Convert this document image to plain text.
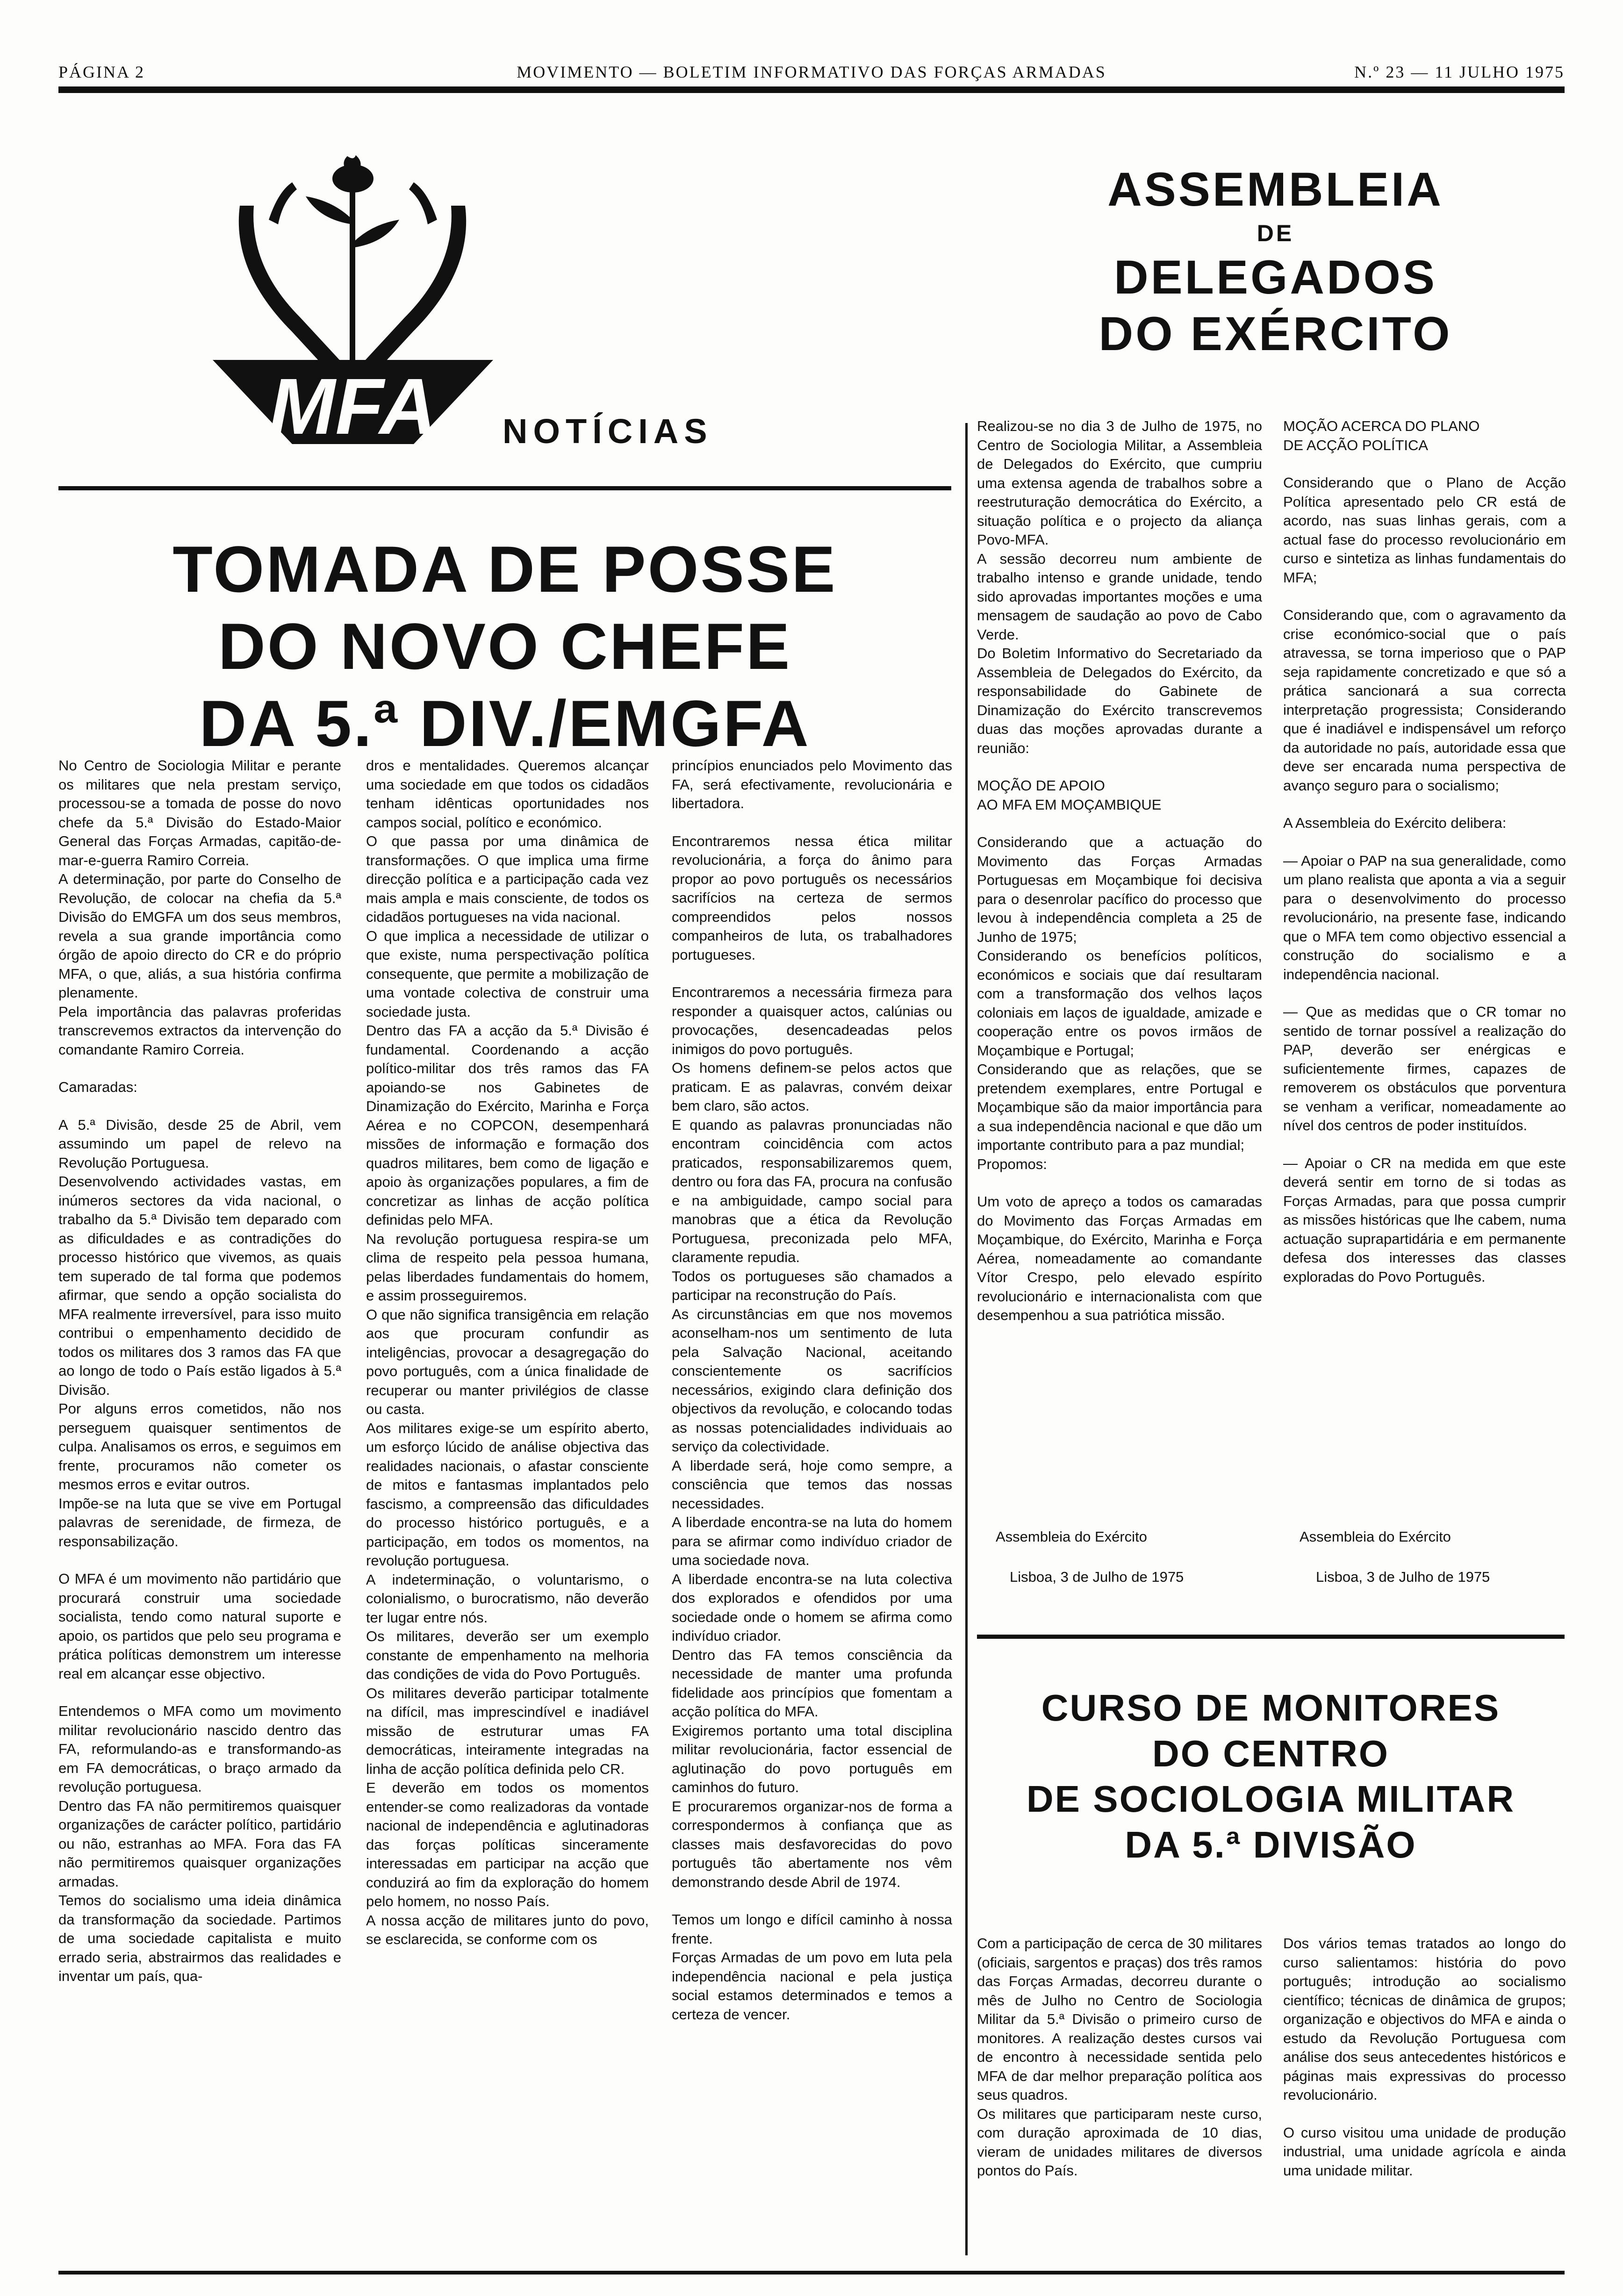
PÁGINA 2	MOVIMENTO — BOLETIM INFORMATIVO DAS FORÇAS ARMADAS	N.º 23 — 11 JULHO 1975
MFA NOTÍCIAS
TOMADA DE POSSE
DO NOVO CHEFE
DA 5.ª DIV./EMGFA

No Centro de Sociologia Militar e perante os militares que nela prestam serviço, processou-se a tomada de posse do novo chefe da 5.ª Divisão do Estado-Maior General das Forças Armadas, capitão-de-mar-e-guerra Ramiro Correia.

A determinação, por parte do Conselho de Revolução, de colocar na chefia da 5.ª Divisão do EMGFA um dos seus membros, revela a sua grande importância como órgão de apoio directo do CR e do próprio MFA, o que, aliás, a sua história confirma plenamente.

Pela importância das palavras proferidas transcrevemos extractos da intervenção do comandante Ramiro Correia.

Camaradas:

A 5.ª Divisão, desde 25 de Abril, vem assumindo um papel de relevo na Revolução Portuguesa.

Desenvolvendo actividades vastas, em inúmeros sectores da vida nacional, o trabalho da 5.ª Divisão tem deparado com as dificuldades e as contradições do processo histórico que vivemos, as quais tem superado de tal forma que podemos afirmar, que sendo a opção socialista do MFA realmente irreversível, para isso muito contribui o empenhamento decidido de todos os militares dos 3 ramos das FA que ao longo de todo o País estão ligados à 5.ª Divisão.

Por alguns erros cometidos, não nos perseguem quaisquer sentimentos de culpa. Analisamos os erros, e seguimos em frente, procuramos não cometer os mesmos erros e evitar outros.

Impõe-se na luta que se vive em Portugal palavras de serenidade, de firmeza, de responsabilização.

O MFA é um movimento não partidário que procurará construir uma sociedade socialista, tendo como natural suporte e apoio, os partidos que pelo seu programa e prática políticas demonstrem um interesse real em alcançar esse objectivo.

Entendemos o MFA como um movimento militar revolucionário nascido dentro das FA, reformulando-as e transformando-as em FA democráticas, o braço armado da revolução portuguesa.

Dentro das FA não permitiremos quaisquer organizações de carácter político, partidário ou não, estranhas ao MFA. Fora das FA não permitiremos quaisquer organizações armadas.

Temos do socialismo uma ideia dinâmica da transformação da sociedade. Partimos de uma sociedade capitalista e muito errado seria, abstrairmos das realidades e inventar um país, qua-

dros e mentalidades. Queremos alcançar uma sociedade em que todos os cidadãos tenham idênticas oportunidades nos campos social, político e económico.

O que passa por uma dinâmica de transformações. O que implica uma firme direcção política e a participação cada vez mais ampla e mais consciente, de todos os cidadãos portugueses na vida nacional.

O que implica a necessidade de utilizar o que existe, numa perspectivação política consequente, que permite a mobilização de uma vontade colectiva de construir uma sociedade justa.

Dentro das FA a acção da 5.ª Divisão é fundamental. Coordenando a acção político-militar dos três ramos das FA apoiando-se nos Gabinetes de Dinamização do Exército, Marinha e Força Aérea e no COPCON, desempenhará missões de informação e formação dos quadros militares, bem como de ligação e apoio às organizações populares, a fim de concretizar as linhas de acção política definidas pelo MFA.

Na revolução portuguesa respira-se um clima de respeito pela pessoa humana, pelas liberdades fundamentais do homem, e assim prosseguiremos.

O que não significa transigência em relação aos que procuram confundir as inteligências, provocar a desagregação do povo português, com a única finalidade de recuperar ou manter privilégios de classe ou casta.

Aos militares exige-se um espírito aberto, um esforço lúcido de análise objectiva das realidades nacionais, o afastar consciente de mitos e fantasmas implantados pelo fascismo, a compreensão das dificuldades do processo histórico português, e a participação, em todos os momentos, na revolução portuguesa.

A indeterminação, o voluntarismo, o colonialismo, o burocratismo, não deverão ter lugar entre nós.

Os militares, deverão ser um exemplo constante de empenhamento na melhoria das condições de vida do Povo Português.

Os militares deverão participar totalmente na difícil, mas imprescindível e inadiável missão de estruturar umas FA democráticas, inteiramente integradas na linha de acção política definida pelo CR.

E deverão em todos os momentos entender-se como realizadoras da vontade nacional de independência e aglutinadoras das forças políticas sinceramente interessadas em participar na acção que conduzirá ao fim da exploração do homem pelo homem, no nosso País.

A nossa acção de militares junto do povo, se esclarecida, se conforme com os

princípios enunciados pelo Movimento das FA, será efectivamente, revolucionária e libertadora.

Encontraremos nessa ética militar revolucionária, a força do ânimo para propor ao povo português os necessários sacrifícios na certeza de sermos compreendidos pelos nossos companheiros de luta, os trabalhadores portugueses.

Encontraremos a necessária firmeza para responder a quaisquer actos, calúnias ou provocações, desencadeadas pelos inimigos do povo português.

Os homens definem-se pelos actos que praticam. E as palavras, convém deixar bem claro, são actos.

E quando as palavras pronunciadas não encontram coincidência com actos praticados, responsabilizaremos quem, dentro ou fora das FA, procura na confusão e na ambiguidade, campo social para manobras que a ética da Revolução Portuguesa, preconizada pelo MFA, claramente repudia.

Todos os portugueses são chamados a participar na reconstrução do País.

As circunstâncias em que nos movemos aconselham-nos um sentimento de luta pela Salvação Nacional, aceitando conscientemente os sacrifícios necessários, exigindo clara definição dos objectivos da revolução, e colocando todas as nossas potencialidades individuais ao serviço da colectividade.

A liberdade será, hoje como sempre, a consciência que temos das nossas necessidades.

A liberdade encontra-se na luta do homem para se afirmar como indivíduo criador de uma sociedade nova.

A liberdade encontra-se na luta colectiva dos explorados e ofendidos por uma sociedade onde o homem se afirma como indivíduo criador.

Dentro das FA temos consciência da necessidade de manter uma profunda fidelidade aos princípios que fomentam a acção política do MFA.

Exigiremos portanto uma total disciplina militar revolucionária, factor essencial de aglutinação do povo português em caminhos do futuro.

E procuraremos organizar-nos de forma a correspondermos à confiança que as classes mais desfavorecidas do povo português tão abertamente nos vêm demonstrando desde Abril de 1974.

Temos um longo e difícil caminho à nossa frente.

Forças Armadas de um povo em luta pela independência nacional e pela justiça social estamos determinados e temos a certeza de vencer.

ASSEMBLEIA
DE
DELEGADOS
DO EXÉRCITO

Realizou-se no dia 3 de Julho de 1975, no Centro de Sociologia Militar, a Assembleia de Delegados do Exército, que cumpriu uma extensa agenda de trabalhos sobre a reestruturação democrática do Exército, a situação política e o projecto da aliança Povo-MFA.

A sessão decorreu num ambiente de trabalho intenso e grande unidade, tendo sido aprovadas importantes moções e uma mensagem de saudação ao povo de Cabo Verde.

Do Boletim Informativo do Secretariado da Assembleia de Delegados do Exército, da responsabilidade do Gabinete de Dinamização do Exército transcrevemos duas das moções aprovadas durante a reunião:

MOÇÃO DE APOIO
AO MFA EM MOÇAMBIQUE

Considerando que a actuação do Movimento das Forças Armadas Portuguesas em Moçambique foi decisiva para o desenrolar pacífico do processo que levou à independência completa a 25 de Junho de 1975;

Considerando os benefícios políticos, económicos e sociais que daí resultaram com a transformação dos velhos laços coloniais em laços de igualdade, amizade e cooperação entre os povos irmãos de Moçambique e Portugal;

Considerando que as relações, que se pretendem exemplares, entre Portugal e Moçambique são da maior importância para a sua independência nacional e que dão um importante contributo para a paz mundial;

Propomos:

Um voto de apreço a todos os camaradas do Movimento das Forças Armadas em Moçambique, do Exército, Marinha e Força Aérea, nomeadamente ao comandante Vítor Crespo, pelo elevado espírito revolucionário e internacionalista com que desempenhou a sua patriótica missão.

MOÇÃO ACERCA DO PLANO
DE ACÇÃO POLÍTICA

Considerando que o Plano de Acção Política apresentado pelo CR está de acordo, nas suas linhas gerais, com a actual fase do processo revolucionário em curso e sintetiza as linhas fundamentais do MFA;

Considerando que, com o agravamento da crise económico-social que o país atravessa, se torna imperioso que o PAP seja rapidamente concretizado e que só a prática sancionará a sua correcta interpretação progressista; Considerando que é inadiável e indispensável um reforço da autoridade no país, autoridade essa que deve ser encarada numa perspectiva de avanço seguro para o socialismo;

A Assembleia do Exército delibera:

— Apoiar o PAP na sua generalidade, como um plano realista que aponta a via a seguir para o desenvolvimento do processo revolucionário, na presente fase, indicando que o MFA tem como objectivo essencial a construção do socialismo e a independência nacional.

— Que as medidas que o CR tomar no sentido de tornar possível a realização do PAP, deverão ser enérgicas e suficientemente firmes, capazes de removerem os obstáculos que porventura se venham a verificar, nomeadamente ao nível dos centros de poder instituídos.

— Apoiar o CR na medida em que este deverá sentir em torno de si todas as Forças Armadas, para que possa cumprir as missões históricas que lhe cabem, numa actuação suprapartidária e em permanente defesa dos interesses das classes exploradas do Povo Português.

Assembleia do Exército
Lisboa, 3 de Julho de 1975
Assembleia do Exército
Lisboa, 3 de Julho de 1975
CURSO DE MONITORES
DO CENTRO
DE SOCIOLOGIA MILITAR
DA 5.ª DIVISÃO

Com a participação de cerca de 30 militares (oficiais, sargentos e praças) dos três ramos das Forças Armadas, decorreu durante o mês de Julho no Centro de Sociologia Militar da 5.ª Divisão o primeiro curso de monitores. A realização destes cursos vai de encontro à necessidade sentida pelo MFA de dar melhor preparação política aos seus quadros.

Os militares que participaram neste curso, com duração aproximada de 10 dias, vieram de unidades militares de diversos pontos do País.

Dos vários temas tratados ao longo do curso salientamos: história do povo português; introdução ao socialismo científico; técnicas de dinâmica de grupos; organização e objectivos do MFA e ainda o estudo da Revolução Portuguesa com análise dos seus antecedentes históricos e páginas mais expressivas do processo revolucionário.

O curso visitou uma unidade de produção industrial, uma unidade agrícola e ainda uma unidade militar.
